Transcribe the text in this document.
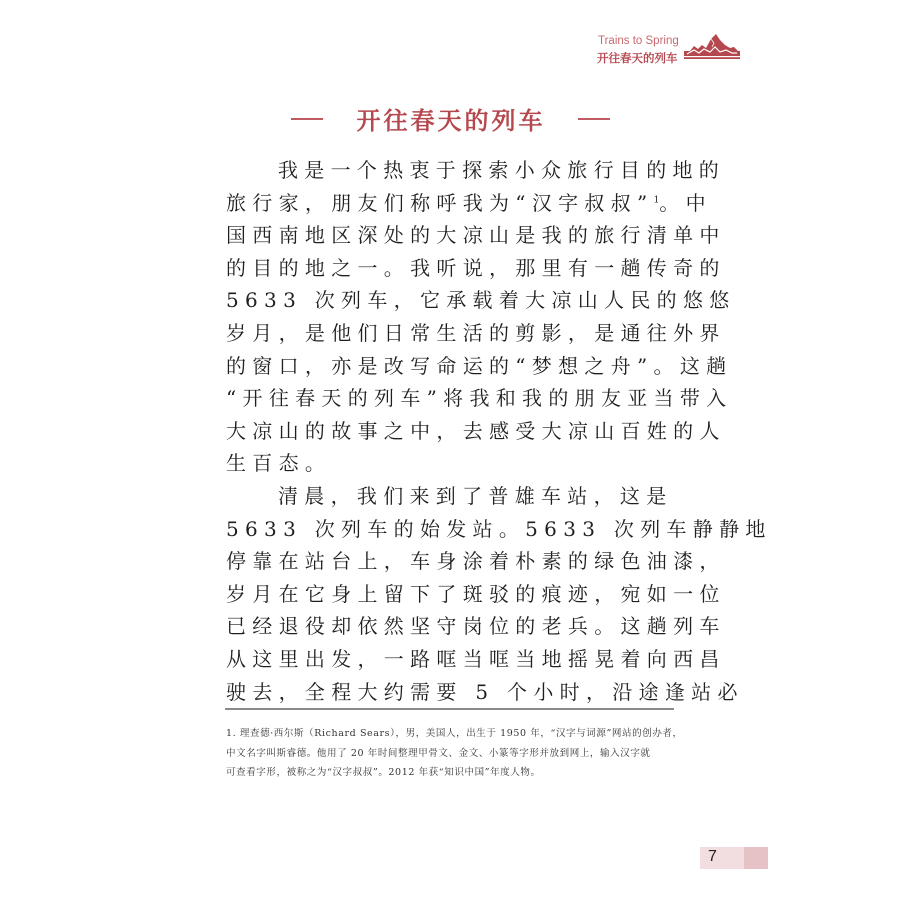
Trains to Spring
开往春天的列车
开往春天的列车
我是一个热衷于探索小众旅行目的地的
旅行家，朋友们称呼我为“汉字叔叔”$^1$。中
国西南地区深处的大凉山是我的旅行清单中
的目的地之一。我听说，那里有一趟传奇的
5633 次列车，它承载着大凉山人民的悠悠
岁月，是他们日常生活的剪影，是通往外界
的窗口，亦是改写命运的“梦想之舟”。这趟
“开往春天的列车”将我和我的朋友亚当带入
大凉山的故事之中，去感受大凉山百姓的人
生百态。
清晨，我们来到了普雄车站，这是
5633 次列车的始发站。5633 次列车静静地
停靠在站台上，车身涂着朴素的绿色油漆，
岁月在它身上留下了斑驳的痕迹，宛如一位
已经退役却依然坚守岗位的老兵。这趟列车
从这里出发，一路哐当哐当地摇晃着向西昌
驶去，全程大约需要 5 个小时，沿途逢站必
1. 理查德·西尔斯（Richard Sears），男，美国人，出生于 1950 年，“汉字与词源”网站的创办者，
中文名字叫斯睿德。他用了 20 年时间整理甲骨文、金文、小篆等字形并放到网上，输入汉字就
可查看字形，被称之为“汉字叔叔”。2012 年获“知识中国”年度人物。
7
